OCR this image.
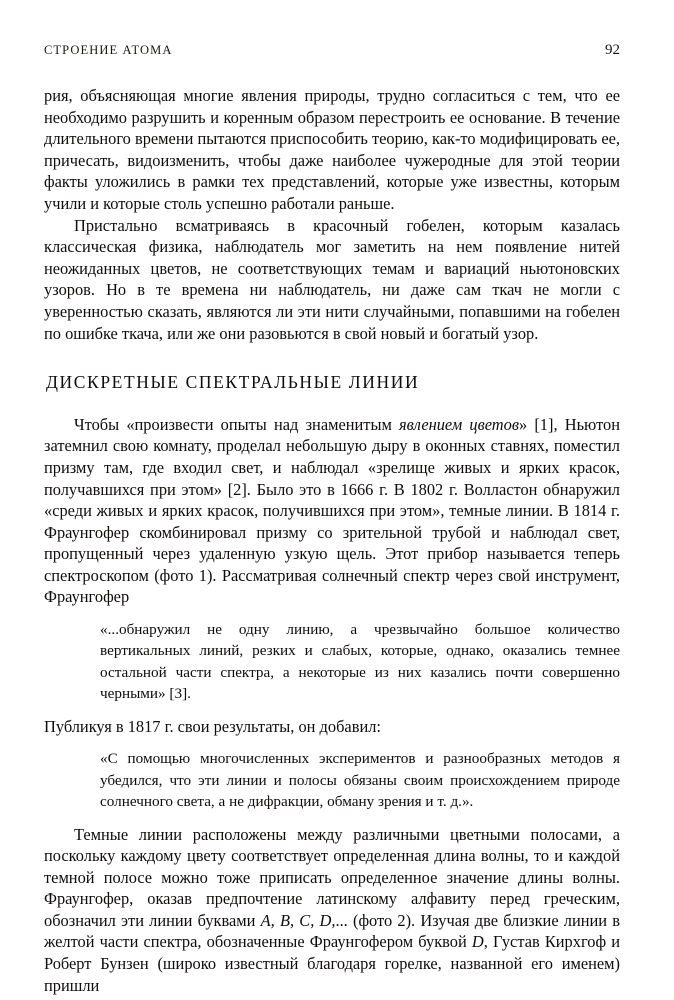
СТРОЕНИЕ АТОМА	92

рия, объясняющая многие явления природы, трудно согласиться с тем, что ее необходимо разрушить и коренным образом перестроить ее основание. В течение длительного времени пытаются приспособить теорию, как-то модифицировать ее, причесать, видоизменить, чтобы даже наиболее чужеродные для этой теории факты уложились в рамки тех представлений, которые уже известны, которым учили и которые столь успешно работали раньше.

Пристально всматриваясь в красочный гобелен, которым казалась классическая физика, наблюдатель мог заметить на нем появление нитей неожиданных цветов, не соответствующих темам и вариаций ньютоновских узоров. Но в те времена ни наблюдатель, ни даже сам ткач не могли с уверенностью сказать, являются ли эти нити случайными, попавшими на гобелен по ошибке ткача, или же они разовьются в свой новый и богатый узор.

ДИСКРЕТНЫЕ СПЕКТРАЛЬНЫЕ ЛИНИИ

Чтобы «произвести опыты над знаменитым явлением цветов» [1], Ньютон затемнил свою комнату, проделал небольшую дыру в оконных ставнях, поместил призму там, где входил свет, и наблюдал «зрелище живых и ярких красок, получавшихся при этом» [2]. Было это в 1666 г. В 1802 г. Волластон обнаружил «среди живых и ярких красок, получившихся при этом», темные линии. В 1814 г. Фраунгофер скомбинировал призму со зрительной трубой и наблюдал свет, пропущенный через удаленную узкую щель. Этот прибор называется теперь спектроскопом (фото 1). Рассматривая солнечный спектр через свой инструмент, Фраунгофер

«...обнаружил не одну линию, а чрезвычайно большое количество вертикальных линий, резких и слабых, которые, однако, оказались темнее остальной части спектра, а некоторые из них казались почти совершенно черными» [3].

Публикуя в 1817 г. свои результаты, он добавил:

«С помощью многочисленных экспериментов и разнообразных методов я убедился, что эти линии и полосы обязаны своим происхождением природе солнечного света, а не дифракции, обману зрения и т. д.».

Темные линии расположены между различными цветными полосами, а поскольку каждому цвету соответствует определенная длина волны, то и каждой темной полосе можно тоже приписать определенное значение длины волны. Фраунгофер, оказав предпочтение латинскому алфавиту перед греческим, обозначил эти линии буквами A, B, C, D,... (фото 2). Изучая две близкие линии в желтой части спектра, обозначенные Фраунгофером буквой D, Густав Кирхгоф и Роберт Бунзен (широко известный благодаря горелке, названной его именем) пришли
